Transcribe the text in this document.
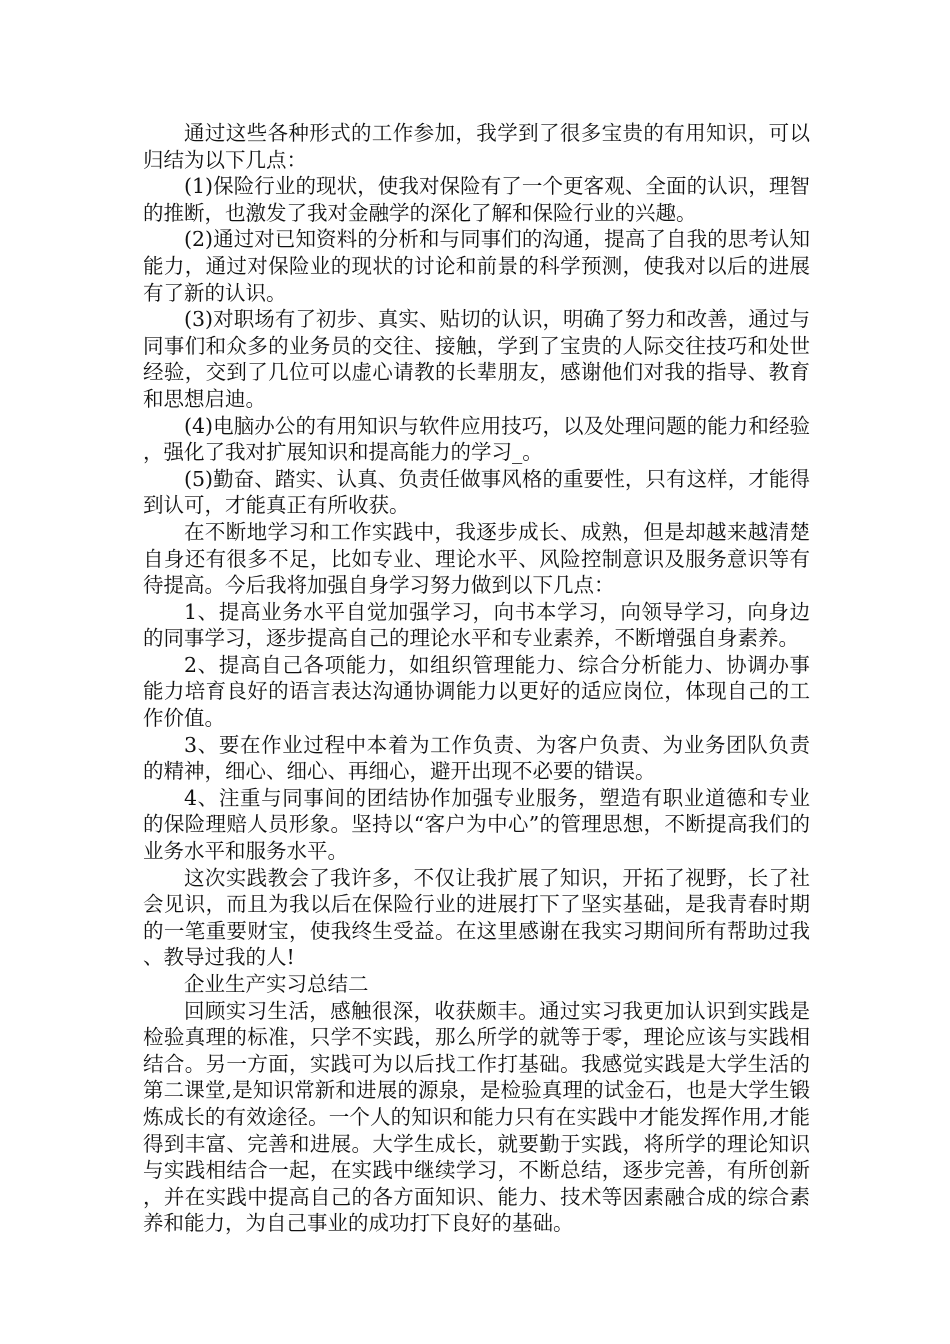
通过这些各种形式的工作参加，我学到了很多宝贵的有用知识，可以归结为以下几点：

(1)保险行业的现状，使我对保险有了一个更客观、全面的认识，理智的推断，也激发了我对金融学的深化了解和保险行业的兴趣。

(2)通过对已知资料的分析和与同事们的沟通，提高了自我的思考认知能力，通过对保险业的现状的讨论和前景的科学预测，使我对以后的进展有了新的认识。

(3)对职场有了初步、真实、贴切的认识，明确了努力和改善，通过与同事们和众多的业务员的交往、接触，学到了宝贵的人际交往技巧和处世经验，交到了几位可以虚心请教的长辈朋友，感谢他们对我的指导、教育和思想启迪。

(4)电脑办公的有用知识与软件应用技巧，以及处理问题的能力和经验，强化了我对扩展知识和提高能力的学习_。

(5)勤奋、踏实、认真、负责任做事风格的重要性，只有这样，才能得到认可，才能真正有所收获。

在不断地学习和工作实践中，我逐步成长、成熟，但是却越来越清楚自身还有很多不足，比如专业、理论水平、风险控制意识及服务意识等有待提高。今后我将加强自身学习努力做到以下几点：

1、提高业务水平自觉加强学习，向书本学习，向领导学习，向身边的同事学习，逐步提高自己的理论水平和专业素养，不断增强自身素养。

2、提高自己各项能力，如组织管理能力、综合分析能力、协调办事能力培育良好的语言表达沟通协调能力以更好的适应岗位，体现自己的工作价值。

3、要在作业过程中本着为工作负责、为客户负责、为业务团队负责的精神，细心、细心、再细心，避开出现不必要的错误。

4、注重与同事间的团结协作加强专业服务，塑造有职业道德和专业的保险理赔人员形象。坚持以“客户为中心”的管理思想，不断提高我们的业务水平和服务水平。

这次实践教会了我许多，不仅让我扩展了知识，开拓了视野，长了社会见识，而且为我以后在保险行业的进展打下了坚实基础，是我青春时期的一笔重要财宝，使我终生受益。在这里感谢在我实习期间所有帮助过我、教导过我的人!

企业生产实习总结二

回顾实习生活，感触很深，收获颇丰。通过实习我更加认识到实践是检验真理的标准，只学不实践，那么所学的就等于零，理论应该与实践相结合。另一方面，实践可为以后找工作打基础。我感觉实践是大学生活的第二课堂,是知识常新和进展的源泉，是检验真理的试金石，也是大学生锻炼成长的有效途径。一个人的知识和能力只有在实践中才能发挥作用,才能得到丰富、完善和进展。大学生成长，就要勤于实践，将所学的理论知识与实践相结合一起，在实践中继续学习，不断总结，逐步完善，有所创新，并在实践中提高自己的各方面知识、能力、技术等因素融合成的综合素养和能力，为自己事业的成功打下良好的基础。
